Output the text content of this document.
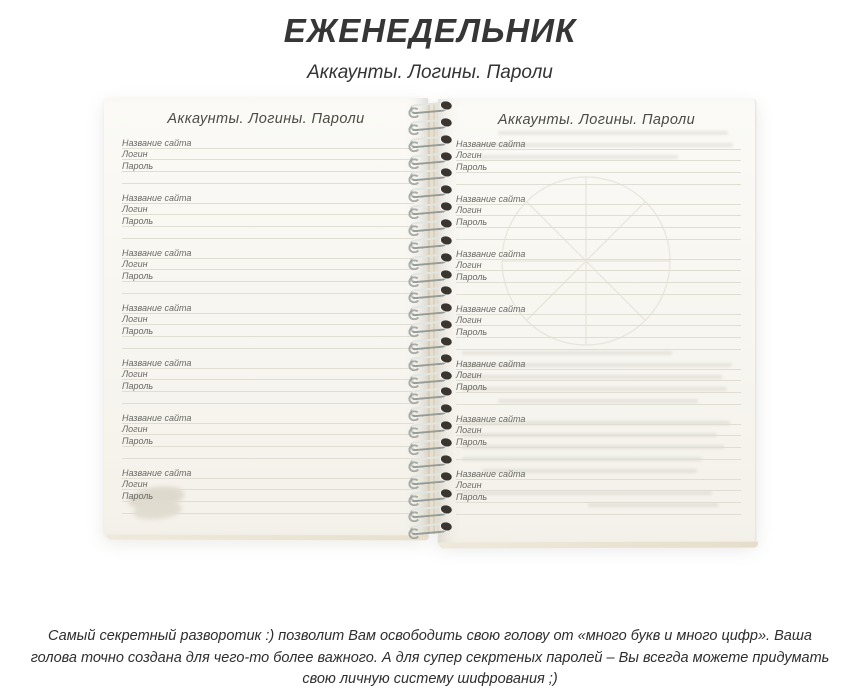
ЕЖЕНЕДЕЛЬНИК
Аккаунты. Логины. Пароли
Аккаунты. Логины. Пароли
Название сайта
Логин
Пароль
Название сайта
Логин
Пароль
Название сайта
Логин
Пароль
Название сайта
Логин
Пароль
Название сайта
Логин
Пароль
Название сайта
Логин
Пароль
Название сайта
Логин
Пароль
Аккаунты. Логины. Пароли
Название сайта
Логин
Пароль
Название сайта
Логин
Пароль
Название сайта
Логин
Пароль
Название сайта
Логин
Пароль
Название сайта
Логин
Пароль
Название сайта
Логин
Пароль
Название сайта
Логин
Пароль
Самый секретный разворотик :) позволит Вам освободить свою голову от «много букв и много цифр». Ваша
голова точно создана для чего-то более важного. А для супер секртеных паролей – Вы всегда можете придумать
свою личную систему шифрования ;)
